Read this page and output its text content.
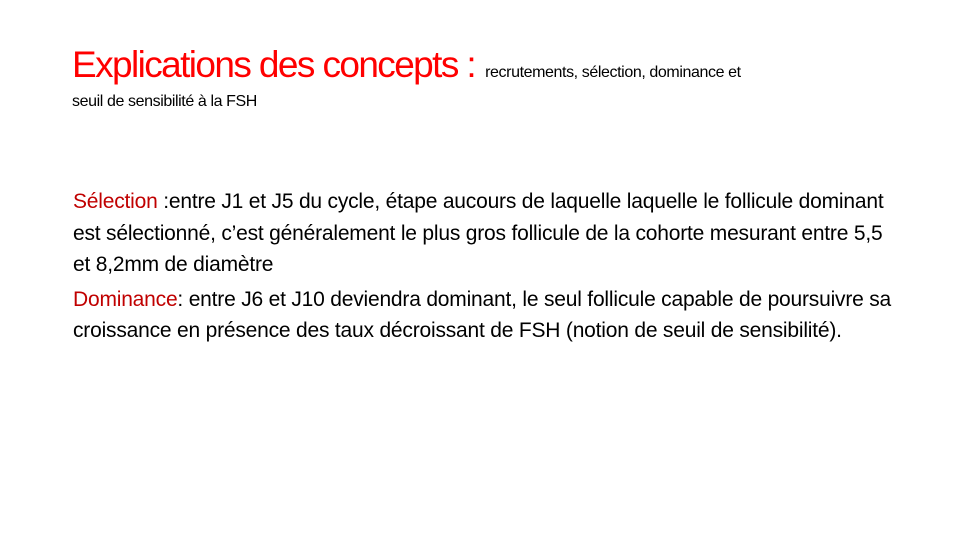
Explications des concepts : recrutements, sélection, dominance et
seuil de sensibilité à la FSH

Sélection :entre J1 et J5 du cycle, étape aucours de laquelle laquelle le follicule dominant est sélectionné, c’est généralement le plus gros follicule de la cohorte mesurant entre 5,5 et 8,2mm de diamètre

Dominance: entre J6 et J10 deviendra dominant, le seul follicule capable de poursuivre sa croissance en présence des taux décroissant de FSH (notion de seuil de sensibilité).
